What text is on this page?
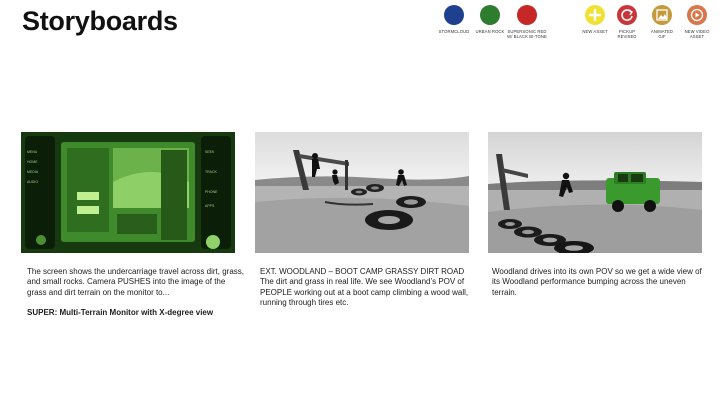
Storyboards	STORMCLOUD	URBAN ROCK SUPERSONIC RED
W/ BLACK BI-TONE
NEW ASSET	PICKUP
REVISED
ANIMATED
GIF
NEW VIDEO
ASSET
MENU
HOME
MEDIA
AUDIO
TRACK
PHONE
APPS
SEEK

The screen shows the undercarriage travel across dirt, grass, and small rocks. Camera PUSHES into the image of the grass and dirt terrain on the monitor to...

SUPER: Multi-Terrain Monitor with X-degree view

EXT. WOODLAND – BOOT CAMP GRASSY DIRT ROAD

The dirt and grass in real life. We see Woodland’s POV of PEOPLE working out at a boot camp climbing a wood wall, running through tires etc.

Woodland drives into its own POV so we get a wide view of its Woodland performance bumping across the uneven terrain.
